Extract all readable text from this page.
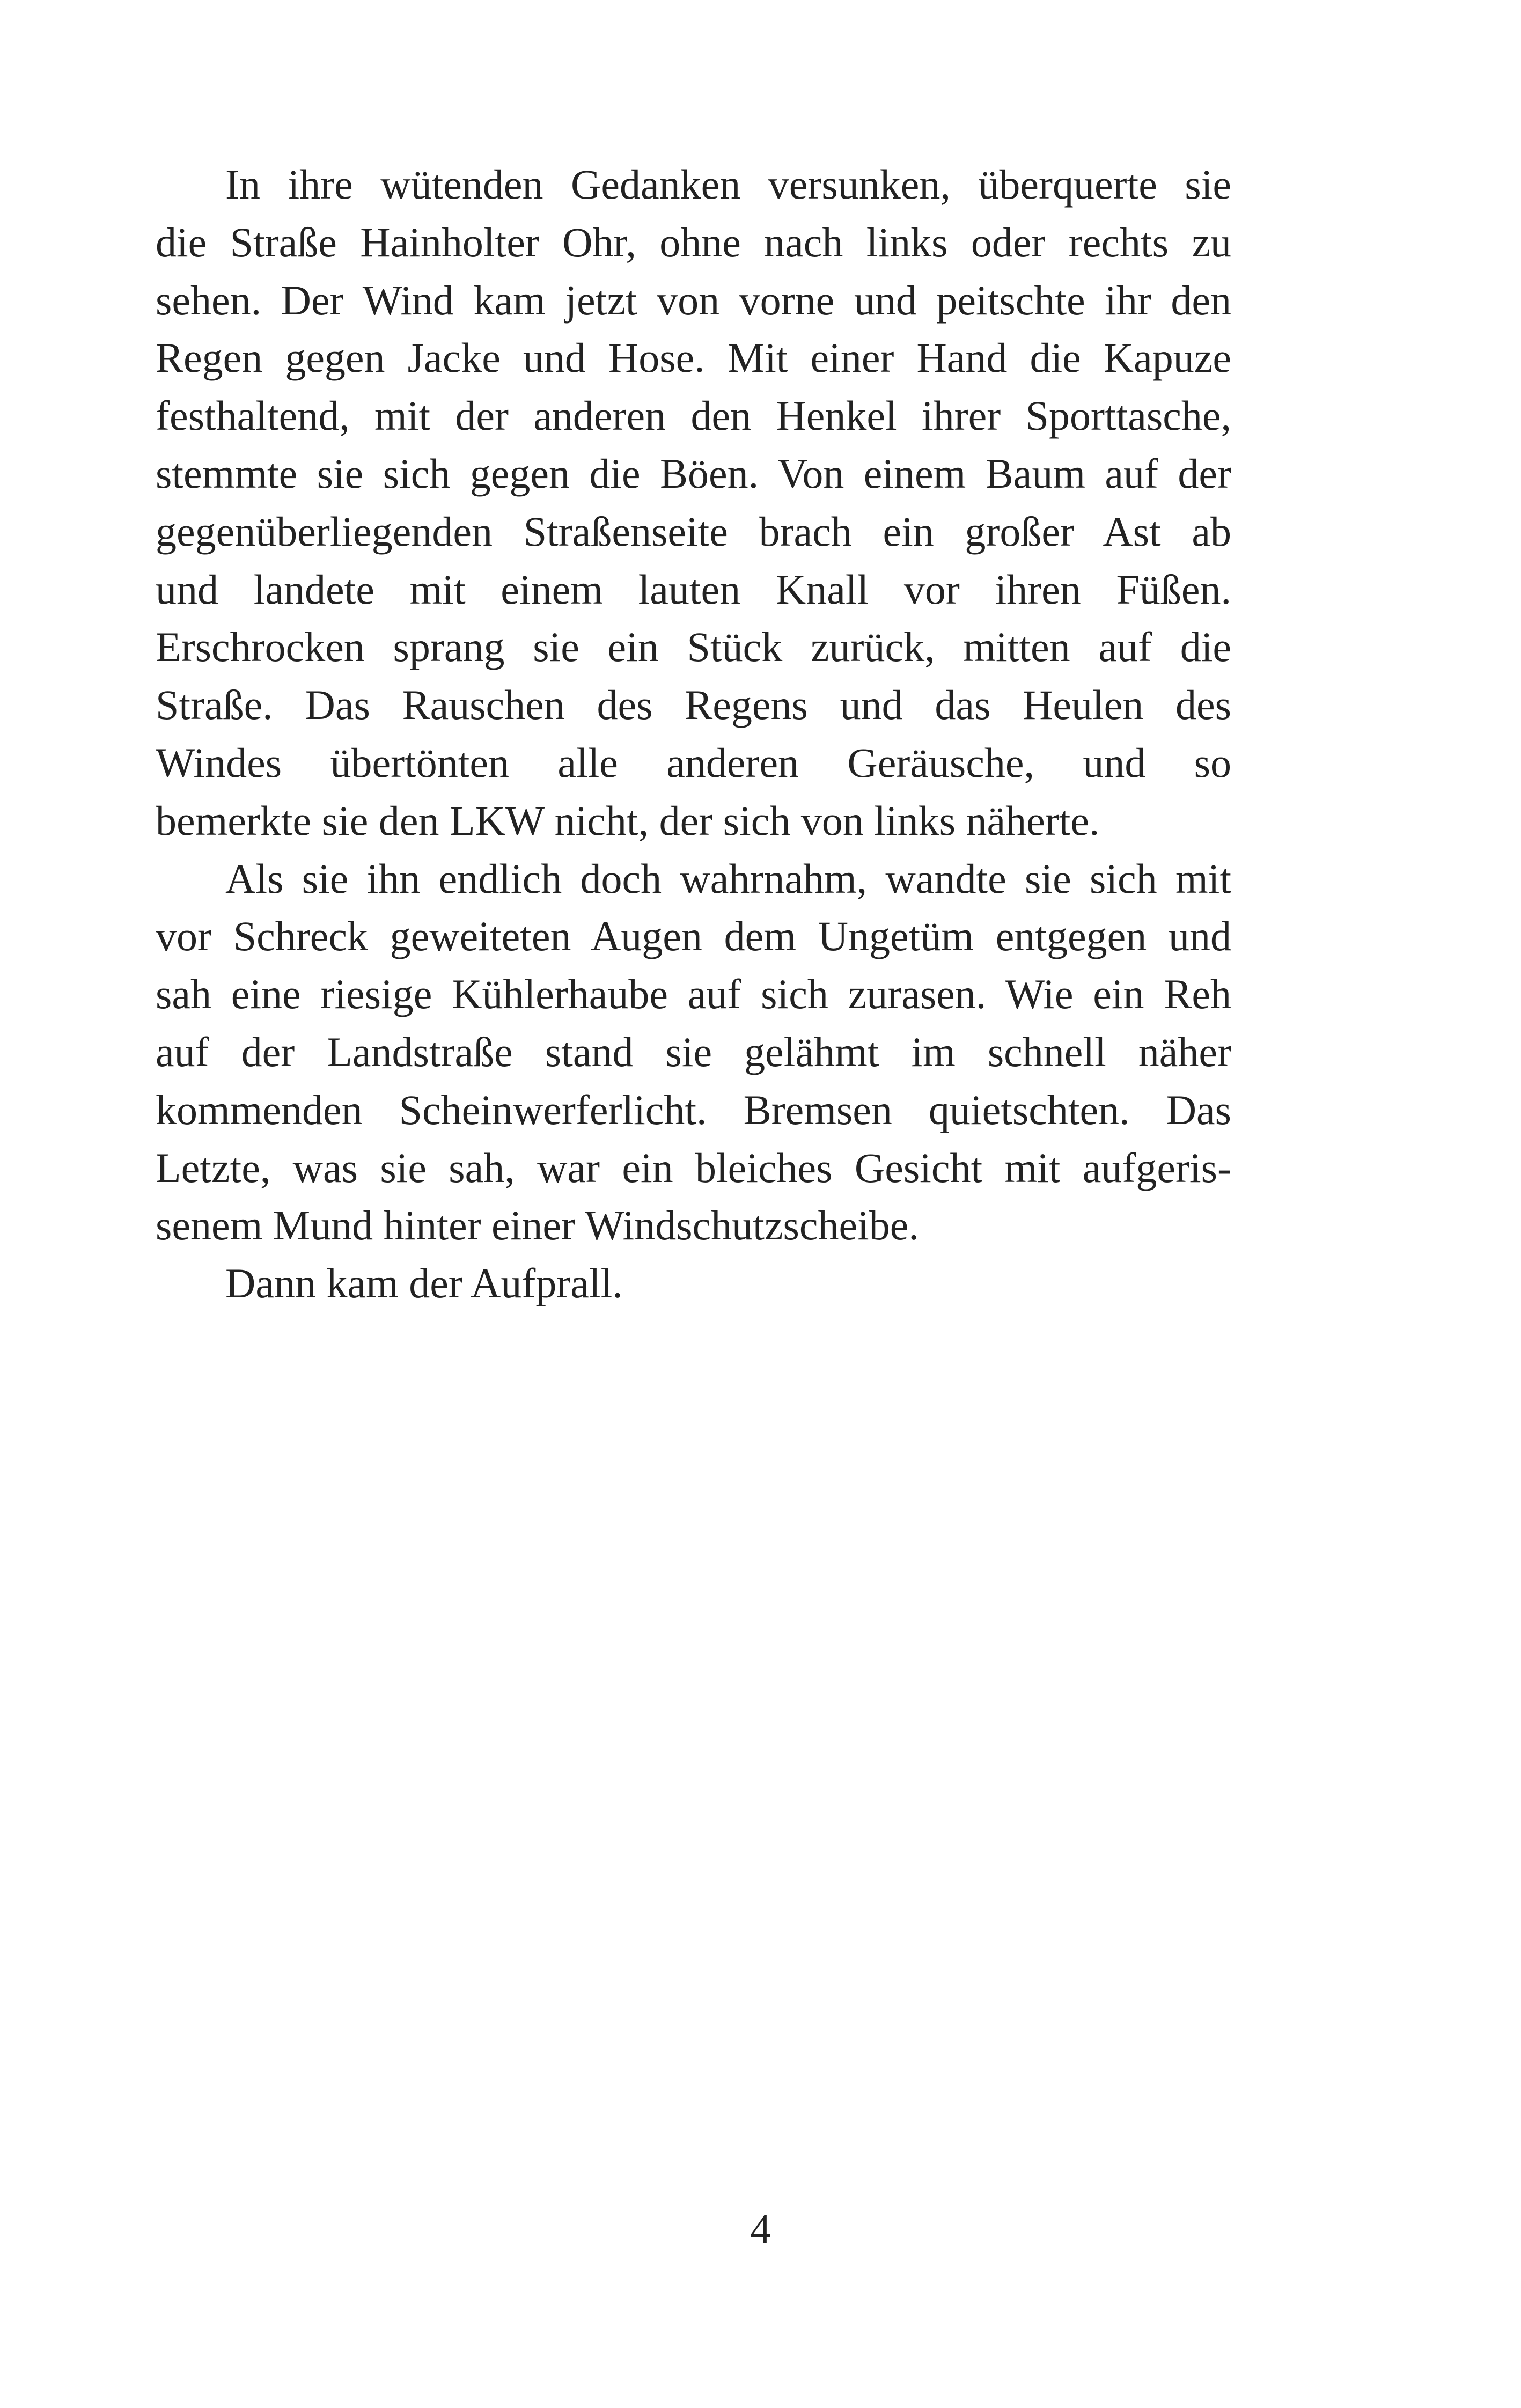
In ihre wütenden Gedanken versunken, überquerte sie
die Straße Hainholter Ohr, ohne nach links oder rechts zu
sehen. Der Wind kam jetzt von vorne und peitschte ihr den
Regen gegen Jacke und Hose. Mit einer Hand die Kapuze
festhaltend, mit der anderen den Henkel ihrer Sporttasche,
stemmte sie sich gegen die Böen. Von einem Baum auf der
gegenüberliegenden Straßenseite brach ein großer Ast ab
und landete mit einem lauten Knall vor ihren Füßen.
Erschrocken sprang sie ein Stück zurück, mitten auf die
Straße. Das Rauschen des Regens und das Heulen des
Windes übertönten alle anderen Geräusche, und so
bemerkte sie den LKW nicht, der sich von links näherte.

Als sie ihn endlich doch wahrnahm, wandte sie sich mit
vor Schreck geweiteten Augen dem Ungetüm entgegen und
sah eine riesige Kühlerhaube auf sich zurasen. Wie ein Reh
auf der Landstraße stand sie gelähmt im schnell näher
kommenden Scheinwerferlicht. Bremsen quietschten. Das
Letzte, was sie sah, war ein bleiches Gesicht mit aufgeris-
senem Mund hinter einer Windschutzscheibe.

Dann kam der Aufprall.

4
